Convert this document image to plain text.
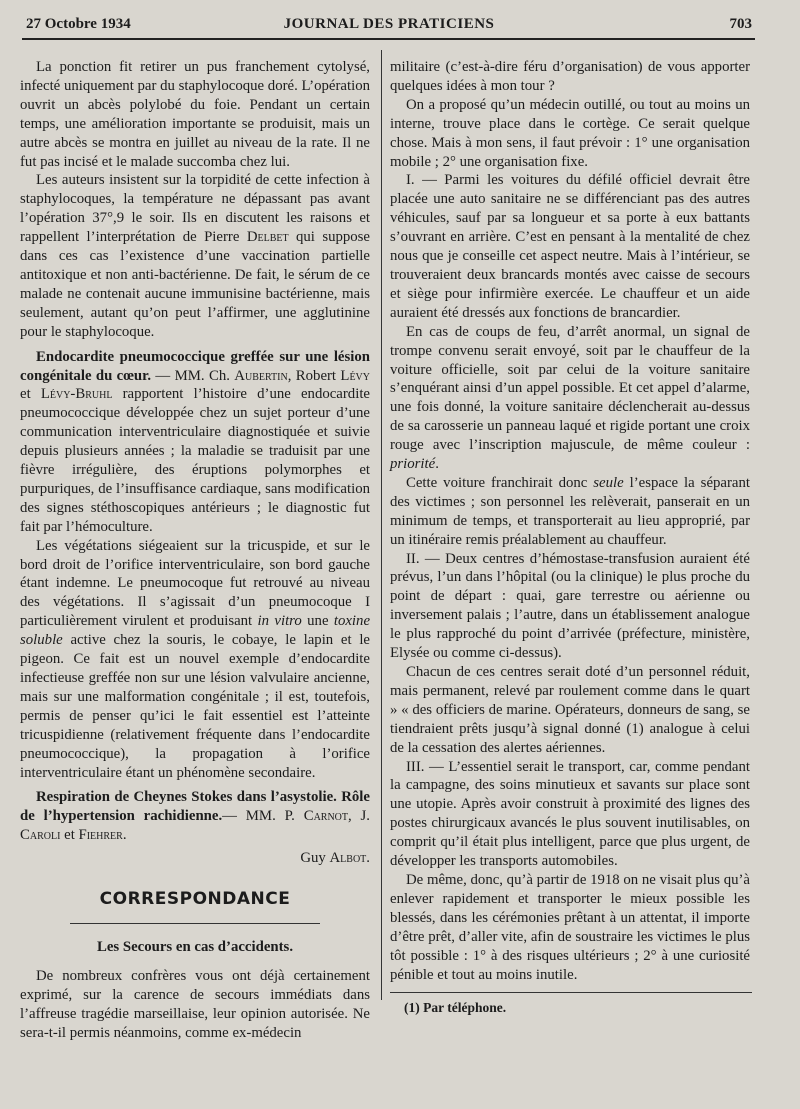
27 Octobre 1934	JOURNAL DES PRATICIENS	703

La ponction fit retirer un pus franchement cytolysé, infecté uniquement par du staphylocoque doré. L’opération ouvrit un abcès polylobé du foie. Pendant un certain temps, une amélioration importante se produisit, mais un autre abcès se montra en juillet au niveau de la rate. Il ne fut pas incisé et le malade succomba chez lui.

Les auteurs insistent sur la torpidité de cette infection à staphylocoques, la température ne dépassant pas avant l’opération 37°,9 le soir. Ils en discutent les raisons et rappellent l’interprétation de Pierre Delbet qui suppose dans ces cas l’existence d’une vaccination partielle antitoxique et non anti-bactérienne. De fait, le sérum de ce malade ne contenait aucune immunisine bactérienne, mais seulement, autant qu’on peut l’affirmer, une agglutinine pour le staphylocoque.

Endocardite pneumococcique greffée sur une lésion congénitale du cœur. — MM. Ch. Aubertin, Robert Lévy et Lévy-Bruhl rapportent l’histoire d’une endocardite pneumococcique développée chez un sujet porteur d’une communication interventriculaire diagnostiquée et suivie depuis plusieurs années ; la maladie se traduisit par une fièvre irrégulière, des éruptions polymorphes et purpuriques, de l’insuffisance cardiaque, sans modification des signes stéthoscopiques antérieurs ; le diagnostic fut fait par l’hémoculture.

Les végétations siégeaient sur la tricuspide, et sur le bord droit de l’orifice interventriculaire, son bord gauche étant indemne. Le pneumocoque fut retrouvé au niveau des végétations. Il s’agissait d’un pneumocoque I particulièrement virulent et produisant in vitro une toxine soluble active chez la souris, le cobaye, le lapin et le pigeon. Ce fait est un nouvel exemple d’endocardite infectieuse greffée non sur une lésion valvulaire ancienne, mais sur une malformation congénitale ; il est, toutefois, permis de penser qu’ici le fait essentiel est l’atteinte tricuspidienne (relativement fréquente dans l’endocardite pneumococcique), la propagation à l’orifice interventriculaire étant un phénomène secondaire.

Respiration de Cheynes Stokes dans l’asystolie. Rôle de l’hypertension rachidienne.— MM. P. Carnot, J. Caroli et Fiehrer.

Guy Albot.

CORRESPONDANCE

Les Secours en cas d’accidents.

De nombreux confrères vous ont déjà certainement exprimé, sur la carence de secours immédiats dans l’affreuse tragédie marseillaise, leur opinion autorisée. Ne sera-t-il permis néanmoins, comme ex-médecin

militaire (c’est-à-dire féru d’organisation) de vous apporter quelques idées à mon tour ?

On a proposé qu’un médecin outillé, ou tout au moins un interne, trouve place dans le cortège. Ce serait quelque chose. Mais à mon sens, il faut prévoir : 1° une organisation mobile ; 2° une organisation fixe.

I. — Parmi les voitures du défilé officiel devrait être placée une auto sanitaire ne se différenciant pas des autres véhicules, sauf par sa longueur et sa porte à eux battants s’ouvrant en arrière. C’est en pensant à la mentalité de chez nous que je conseille cet aspect neutre. Mais à l’intérieur, se trouveraient deux brancards montés avec caisse de secours et siège pour infirmière exercée. Le chauffeur et un aide auraient été dressés aux fonctions de brancardier.

En cas de coups de feu, d’arrêt anormal, un signal de trompe convenu serait envoyé, soit par le chauffeur de la voiture officielle, soit par celui de la voiture sanitaire s’enquérant ainsi d’un appel possible. Et cet appel d’alarme, une fois donné, la voiture sanitaire déclencherait au-dessus de sa carosserie un panneau laqué et rigide portant une croix rouge avec l’inscription majuscule, de même couleur : priorité.

Cette voiture franchirait donc seule l’espace la séparant des victimes ; son personnel les relèverait, panserait en un minimum de temps, et transporterait au lieu approprié, par un itinéraire remis préalablement au chauffeur.

II. — Deux centres d’hémostase-transfusion auraient été prévus, l’un dans l’hôpital (ou la clinique) le plus proche du point de départ : quai, gare terrestre ou aérienne ou inversement palais ; l’autre, dans un établissement analogue le plus rapproché du point d’arrivée (préfecture, ministère, Elysée ou comme ci-dessus).

Chacun de ces centres serait doté d’un personnel réduit, mais permanent, relevé par roulement comme dans le quart » « des officiers de marine. Opérateurs, donneurs de sang, se tiendraient prêts jusqu’à signal donné (1) analogue à celui de la cessation des alertes aériennes.

III. — L’essentiel serait le transport, car, comme pendant la campagne, des soins minutieux et savants sur place sont une utopie. Après avoir construit à proximité des lignes des postes chirurgicaux avancés le plus souvent inutilisables, on comprit qu’il était plus intelligent, parce que plus urgent, de développer les transports automobiles.

De même, donc, qu’à partir de 1918 on ne visait plus qu’à enlever rapidement et transporter le mieux possible les blessés, dans les cérémonies prêtant à un attentat, il importe d’être prêt, d’aller vite, afin de soustraire les victimes le plus tôt possible : 1° à des risques ultérieurs ; 2° à une curiosité pénible et tout au moins inutile.

(1) Par téléphone.
